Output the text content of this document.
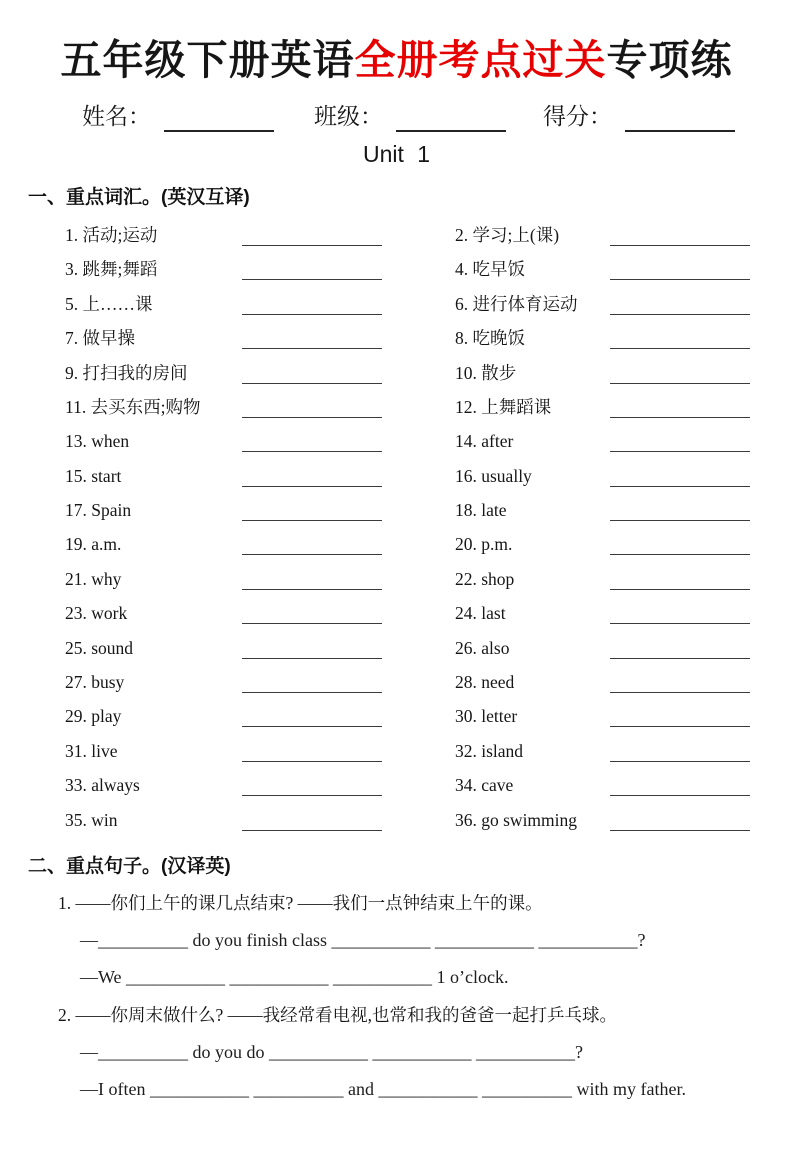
五年级下册英语全册考点过关专项练
姓名：	班级：	得分：
Unit 1
一、重点词汇。(英汉互译)
1. 活动;运动	2. 学习;上(课)
3. 跳舞;舞蹈	4. 吃早饭
5. 上……课	6. 进行体育运动
7. 做早操	8. 吃晚饭
9. 打扫我的房间	10. 散步
11. 去买东西;购物	12. 上舞蹈课
13. when	14. after
15. start	16. usually
17. Spain	18. late
19. a.m.	20. p.m.
21. why	22. shop
23. work	24. last
25. sound	26. also
27. busy	28. need
29. play	30. letter
31. live	32. island
33. always	34. cave
35. win	36. go swimming
二、重点句子。(汉译英)
1. ——你们上午的课几点结束? ——我们一点钟结束上午的课。
—__________ do you finish class ___________ ___________ ___________?
—We ___________ ___________ ___________ 1 o’clock.
2. ——你周末做什么? ——我经常看电视,也常和我的爸爸一起打乒乓球。
—__________ do you do ___________ ___________ ___________?
—I often ___________ __________ and ___________ __________ with my father.
